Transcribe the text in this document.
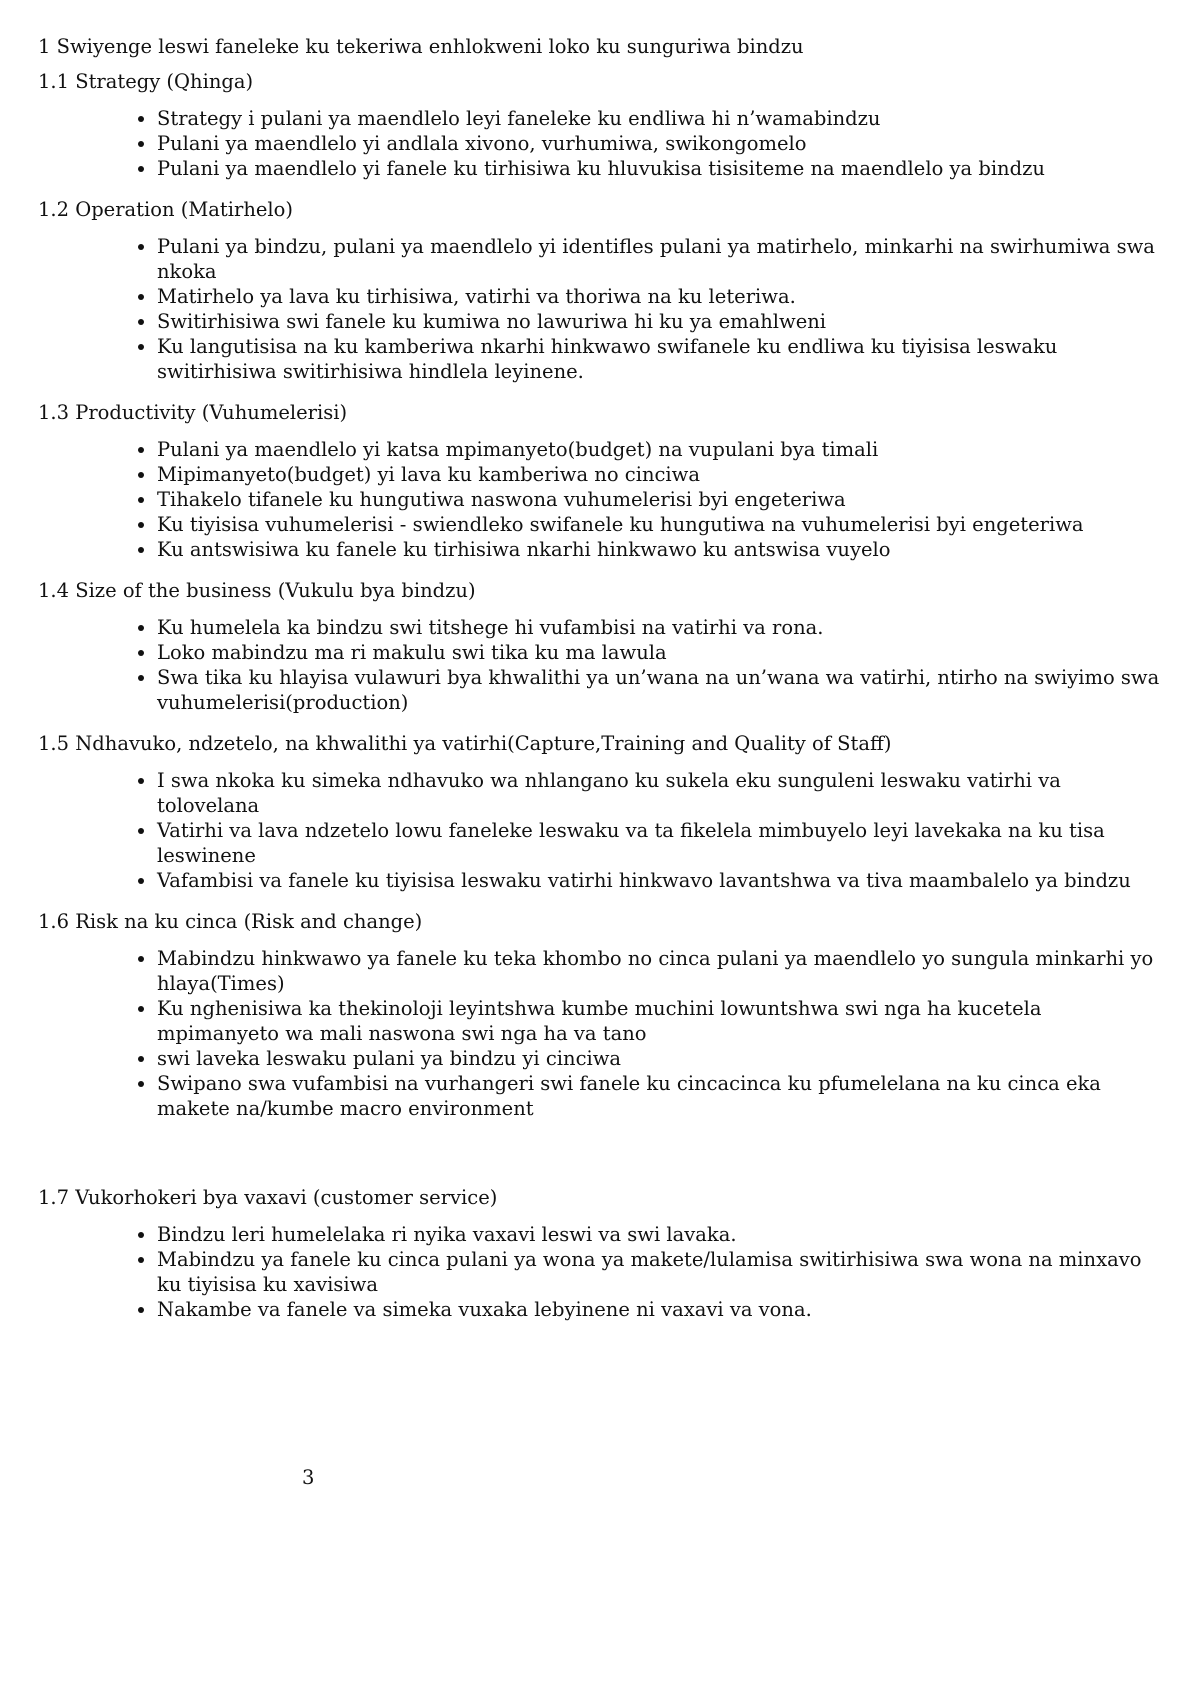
1 Swiyenge leswi faneleke ku tekeriwa enhlokweni loko ku sunguriwa bindzu
1.1 Strategy (Qhinga)
• Strategy i pulani ya maendlelo leyi faneleke ku endliwa hi n’wamabindzu
• Pulani ya maendlelo yi andlala xivono, vurhumiwa, swikongomelo
• Pulani ya maendlelo yi fanele ku tirhisiwa ku hluvukisa tisisiteme na maendlelo ya bindzu
1.2 Operation (Matirhelo)
• Pulani ya bindzu, pulani ya maendlelo yi identifles pulani ya matirhelo, minkarhi na swirhumiwa swa nkoka
• Matirhelo ya lava ku tirhisiwa, vatirhi va thoriwa na ku leteriwa.
• Switirhisiwa swi fanele ku kumiwa no lawuriwa hi ku ya emahlweni
• Ku langutisisa na ku kamberiwa nkarhi hinkwawo swifanele ku endliwa ku tiyisisa leswaku switirhisiwa switirhisiwa hindlela leyinene.
1.3 Productivity (Vuhumelerisi)
• Pulani ya maendlelo yi katsa mpimanyeto(budget) na vupulani bya timali
• Mipimanyeto(budget) yi lava ku kamberiwa no cinciwa
• Tihakelo tifanele ku hungutiwa naswona vuhumelerisi byi engeteriwa
• Ku tiyisisa vuhumelerisi - swiendleko swifanele ku hungutiwa na vuhumelerisi byi engeteriwa
• Ku antswisiwa ku fanele ku tirhisiwa nkarhi hinkwawo ku antswisa vuyelo
1.4 Size of the business (Vukulu bya bindzu)
• Ku humelela ka bindzu swi titshege hi vufambisi na vatirhi va rona.
• Loko mabindzu ma ri makulu swi tika ku ma lawula
• Swa tika ku hlayisa vulawuri bya khwalithi ya un’wana na un’wana wa vatirhi, ntirho na swiyimo swa vuhumelerisi(production)
1.5 Ndhavuko, ndzetelo, na khwalithi ya vatirhi(Capture,Training and Quality of Staff)
• I swa nkoka ku simeka ndhavuko wa nhlangano ku sukela eku sunguleni leswaku vatirhi va tolovelana
• Vatirhi va lava ndzetelo lowu faneleke leswaku va ta fikelela mimbuyelo leyi lavekaka na ku tisa leswinene
• Vafambisi va fanele ku tiyisisa leswaku vatirhi hinkwavo lavantshwa va tiva maambalelo ya bindzu
1.6 Risk na ku cinca (Risk and change)
• Mabindzu hinkwawo ya fanele ku teka khombo no cinca pulani ya maendlelo yo sungula minkarhi yo hlaya(Times)
• Ku nghenisiwa ka thekinoloji leyintshwa kumbe muchini lowuntshwa swi nga ha kucetela mpimanyeto wa mali naswona swi nga ha va tano
• swi laveka leswaku pulani ya bindzu yi cinciwa
• Swipano swa vufambisi na vurhangeri swi fanele ku cincacinca ku pfumelelana na ku cinca eka makete na/kumbe macro environment
1.7 Vukorhokeri bya vaxavi (customer service)
• Bindzu leri humelelaka ri nyika vaxavi leswi va swi lavaka.
• Mabindzu ya fanele ku cinca pulani ya wona ya makete/lulamisa switirhisiwa swa wona na minxavo ku tiyisisa ku xavisiwa
• Nakambe va fanele va simeka vuxaka lebyinene ni vaxavi va vona.
3
